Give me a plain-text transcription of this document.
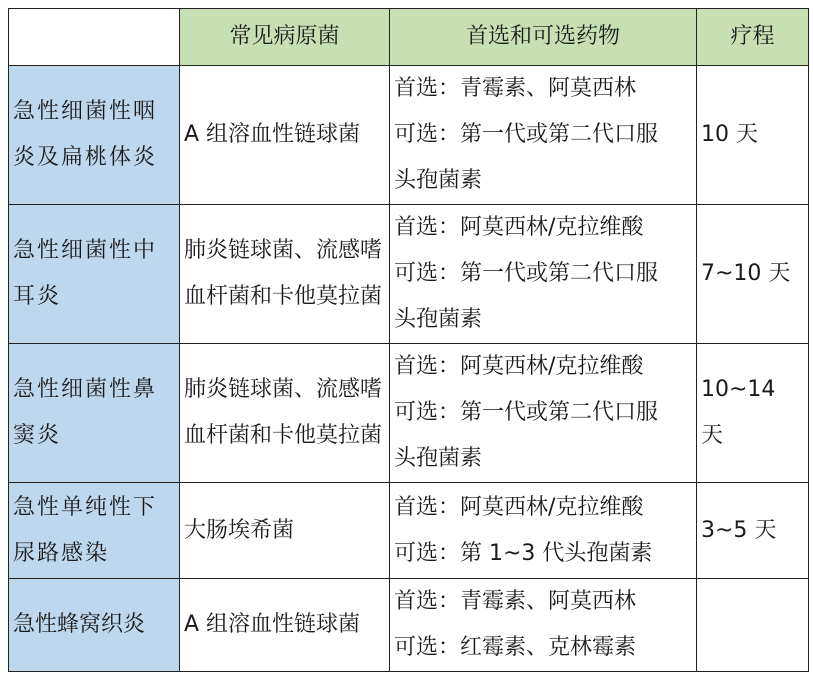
	常见病原菌	首选和可选药物	疗程

急性细菌性咽炎及扁桃体炎	A 组溶血性链球菌	首选：青霉素、阿莫西林
可选：第一代或第二代口服
头孢菌素	10 天

急性细菌性中耳炎	肺炎链球菌、流感嗜血杆菌和卡他莫拉菌	首选：阿莫西林/克拉维酸
可选：第一代或第二代口服
头孢菌素	7~10 天

急性细菌性鼻窦炎	肺炎链球菌、流感嗜血杆菌和卡他莫拉菌	首选：阿莫西林/克拉维酸
可选：第一代或第二代口服
头孢菌素	10~14 天

急性单纯性下尿路感染	大肠埃希菌	首选：阿莫西林/克拉维酸
可选：第 1~3 代头孢菌素	3~5 天

急性蜂窝织炎	A 组溶血性链球菌	首选：青霉素、阿莫西林
可选：红霉素、克林霉素	
